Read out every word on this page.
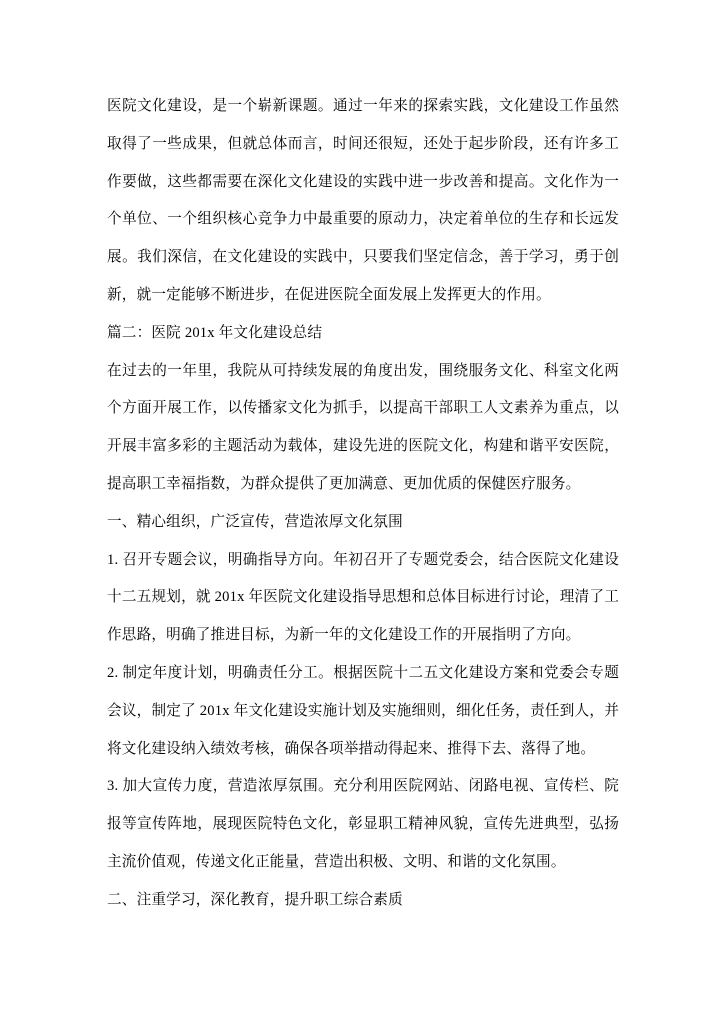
医院文化建设，是一个崭新课题。通过一年来的探索实践，文化建设工作虽然取得了一些成果，但就总体而言，时间还很短，还处于起步阶段，还有许多工作要做，这些都需要在深化文化建设的实践中进一步改善和提高。文化作为一个单位、一个组织核心竞争力中最重要的原动力，决定着单位的生存和长远发展。我们深信，在文化建设的实践中，只要我们坚定信念，善于学习，勇于创新，就一定能够不断进步，在促进医院全面发展上发挥更大的作用。

篇二：医院 201x 年文化建设总结

在过去的一年里，我院从可持续发展的角度出发，围绕服务文化、科室文化两个方面开展工作，以传播家文化为抓手，以提高干部职工人文素养为重点，以开展丰富多彩的主题活动为载体，建设先进的医院文化，构建和谐平安医院，提高职工幸福指数，为群众提供了更加满意、更加优质的保健医疗服务。

一、精心组织，广泛宣传，营造浓厚文化氛围

1. 召开专题会议，明确指导方向。年初召开了专题党委会，结合医院文化建设十二五规划，就 201x 年医院文化建设指导思想和总体目标进行讨论，理清了工作思路，明确了推进目标，为新一年的文化建设工作的开展指明了方向。

2. 制定年度计划，明确责任分工。根据医院十二五文化建设方案和党委会专题会议，制定了 201x 年文化建设实施计划及实施细则，细化任务，责任到人，并将文化建设纳入绩效考核，确保各项举措动得起来、推得下去、落得了地。

3. 加大宣传力度，营造浓厚氛围。充分利用医院网站、闭路电视、宣传栏、院报等宣传阵地，展现医院特色文化，彰显职工精神风貌，宣传先进典型，弘扬主流价值观，传递文化正能量，营造出积极、文明、和谐的文化氛围。

二、注重学习，深化教育，提升职工综合素质
